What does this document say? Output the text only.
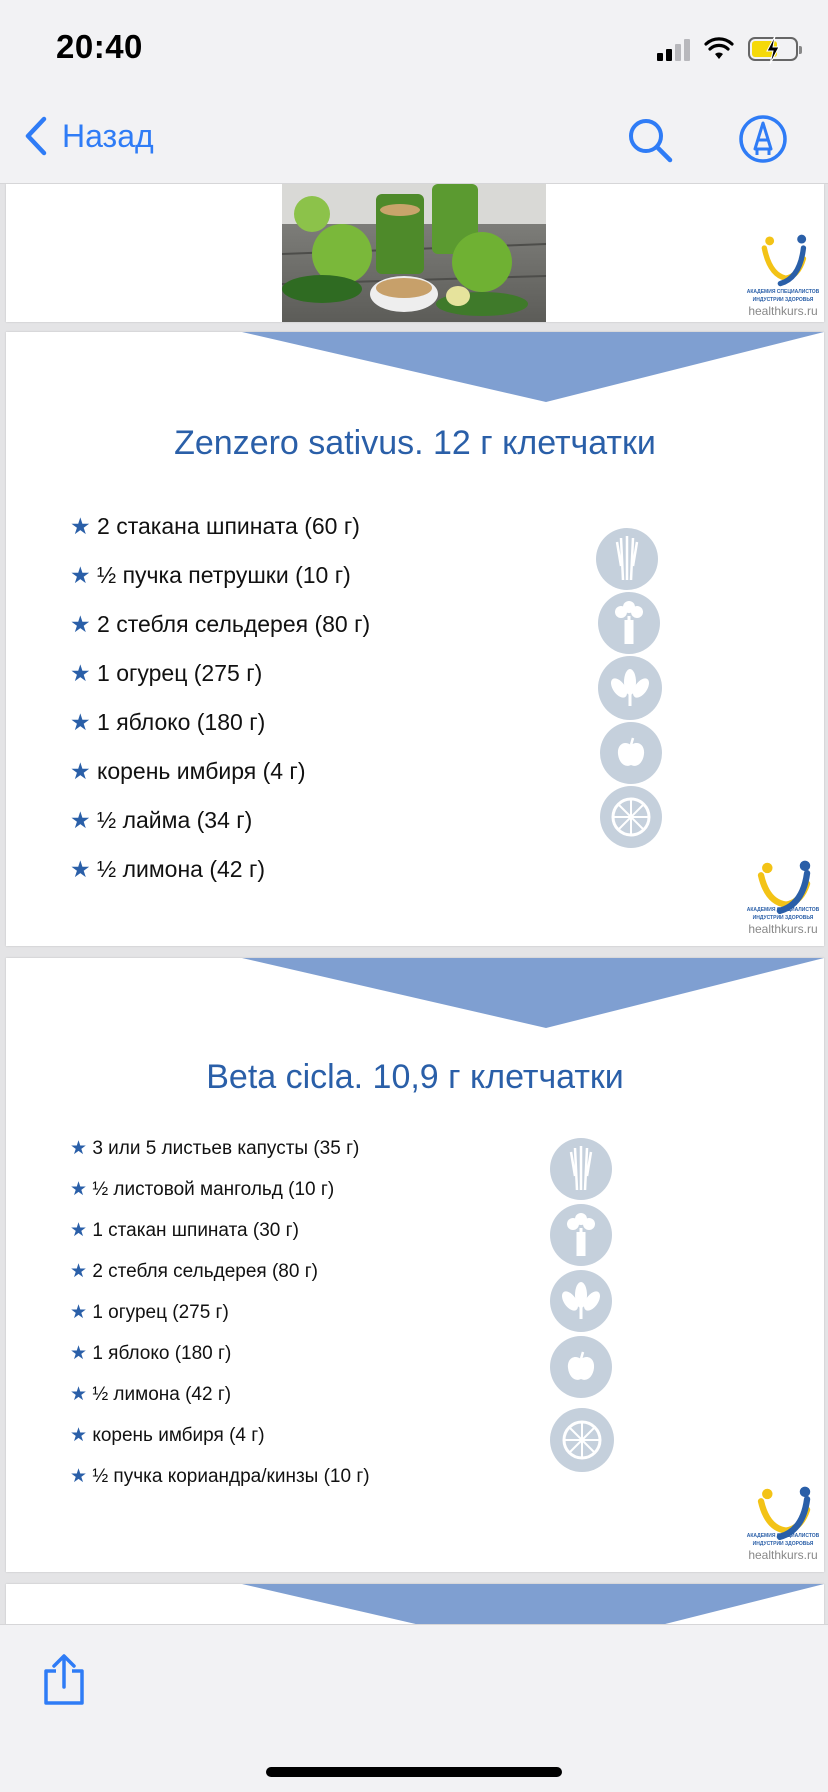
20:40
Назад
АКАДЕМИЯ СПЕЦИАЛИСТОВ ИНДУСТРИИ ЗДОРОВЬЯ
healthkurs.ru
Zenzero sativus. 12 г клетчатки
★ 2 стакана шпината (60 г)
★ ½ пучка петрушки (10 г)
★ 2 стебля сельдерея (80 г)
★ 1 огурец (275 г)
★ 1 яблоко (180 г)
★ корень имбиря (4 г)
★ ½ лайма (34 г)
★ ½ лимона (42 г)
АКАДЕМИЯ СПЕЦИАЛИСТОВ ИНДУСТРИИ ЗДОРОВЬЯ
healthkurs.ru
Beta cicla. 10,9 г клетчатки
★ 3 или 5 листьев капусты (35 г)
★ ½ листовой мангольд (10 г)
★ 1 стакан шпината (30 г)
★ 2 стебля сельдерея (80 г)
★ 1 огурец (275 г)
★ 1 яблоко (180 г)
★ ½ лимона (42 г)
★ корень имбиря (4 г)
★ ½ пучка кориандра/кинзы (10 г)
АКАДЕМИЯ СПЕЦИАЛИСТОВ ИНДУСТРИИ ЗДОРОВЬЯ
healthkurs.ru
